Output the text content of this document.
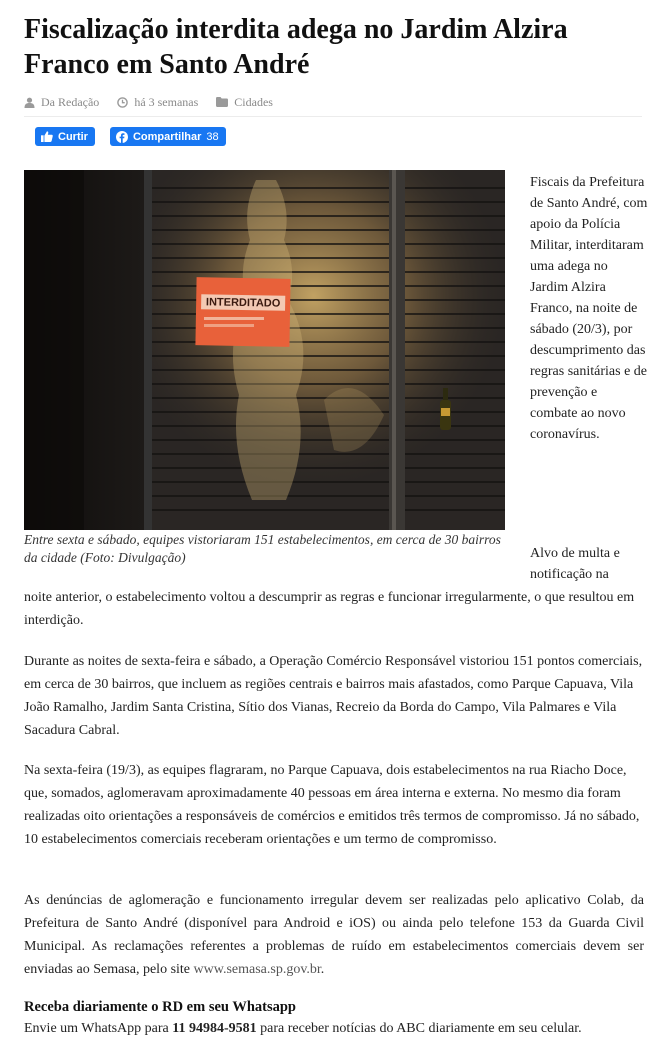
Fiscalização interdita adega no Jardim Alzira Franco em Santo André
Da Redação	há 3 semanas	Cidades
Curtir	Compartilhar 38
INTERDITADO

Entre sexta e sábado, equipes vistoriaram 151 estabelecimentos, em cerca de 30 bairros da cidade (Foto: Divulgação)

Fiscais da Prefeitura de Santo André, com apoio da Polícia Militar, interditaram uma adega no Jardim Alzira Franco, na noite de sábado (20/3), por descumprimento das regras sanitárias e de prevenção e combate ao novo coronavírus.

Alvo de multa e notificação na

noite anterior, o estabelecimento voltou a descumprir as regras e funcionar irregularmente, o que resultou em interdição.

Durante as noites de sexta-feira e sábado, a Operação Comércio Responsável vistoriou 151 pontos comerciais, em cerca de 30 bairros, que incluem as regiões centrais e bairros mais afastados, como Parque Capuava, Vila João Ramalho, Jardim Santa Cristina, Sítio dos Vianas, Recreio da Borda do Campo, Vila Palmares e Vila Sacadura Cabral.

Na sexta-feira (19/3), as equipes flagraram, no Parque Capuava, dois estabelecimentos na rua Riacho Doce, que, somados, aglomeravam aproximadamente 40 pessoas em área interna e externa. No mesmo dia foram realizadas oito orientações a responsáveis de comércios e emitidos três termos de compromisso. Já no sábado, 10 estabelecimentos comerciais receberam orientações e um termo de compromisso.

As denúncias de aglomeração e funcionamento irregular devem ser realizadas pelo aplicativo Colab, da Prefeitura de Santo André (disponível para Android e iOS) ou ainda pelo telefone 153 da Guarda Civil Municipal. As reclamações referentes a problemas de ruído em estabelecimentos comerciais devem ser enviadas ao Semasa, pelo site www.semasa.sp.gov.br.

Receba diariamente o RD em seu Whatsapp

Envie um WhatsApp para 11 94984-9581 para receber notícias do ABC diariamente em seu celular.
